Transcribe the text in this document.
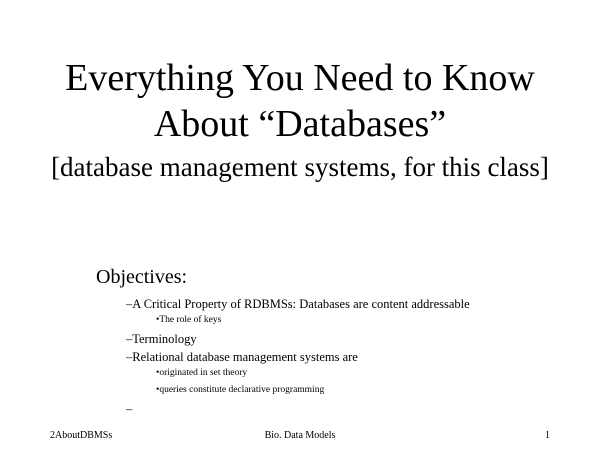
Everything You Need to Know
About “Databases”
[database management systems, for this class]
Objectives:
–A Critical Property of RDBMSs: Databases are content addressable
•The role of keys
–Terminology
–Relational database management systems are
•originated in set theory
•queries constitute declarative programming
–
2AboutDBMSs	Bio. Data Models	1
